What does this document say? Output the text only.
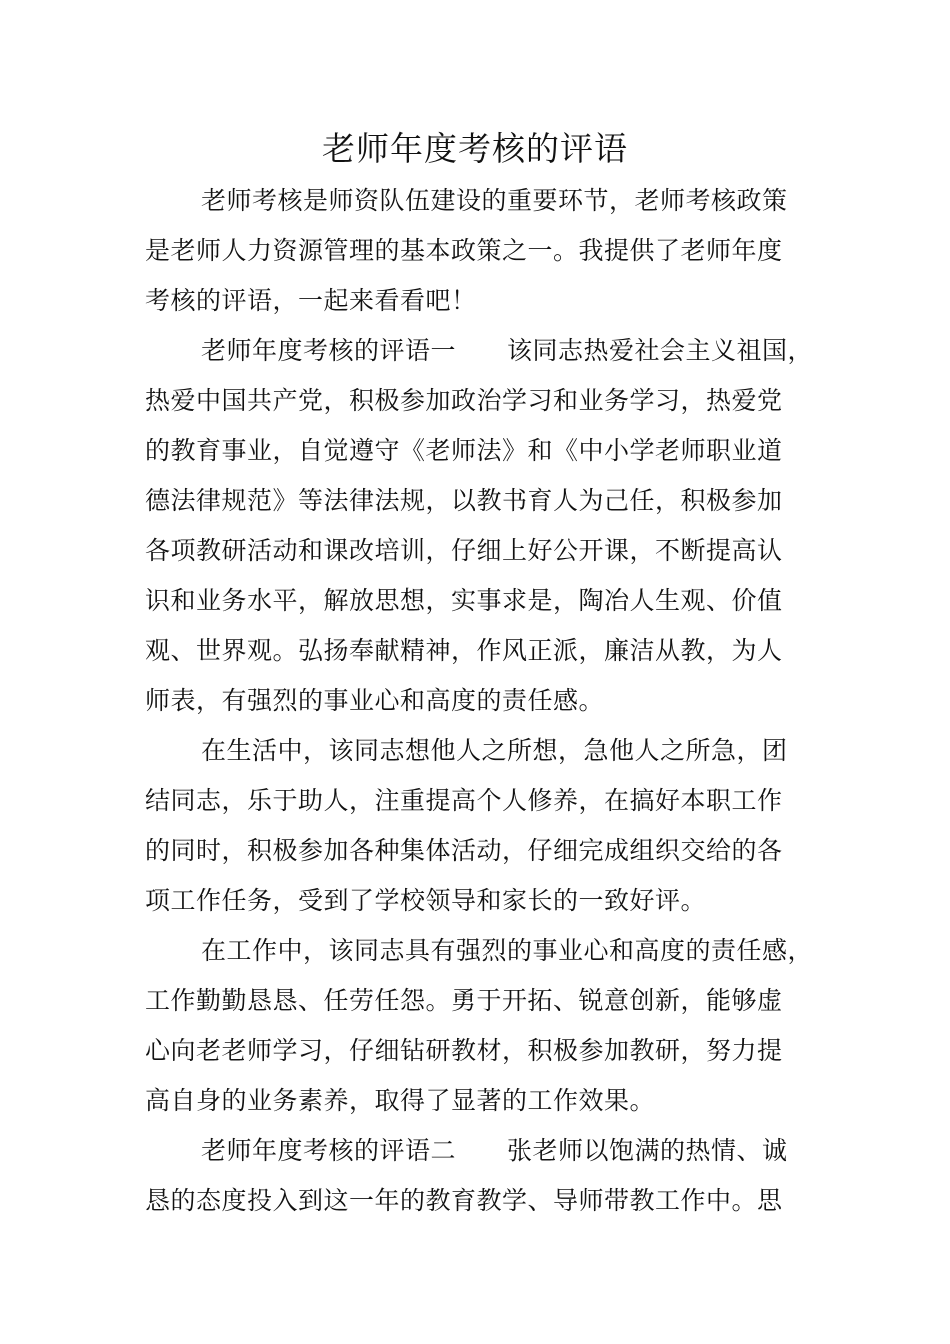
老师年度考核的评语

老师考核是师资队伍建设的重要环节，老师考核政策
是老师人力资源管理的基本政策之一。我提供了老师年度
考核的评语，一起来看看吧！

老师年度考核的评语一　　该同志热爱社会主义祖国，
热爱中国共产党，积极参加政治学习和业务学习，热爱党
的教育事业，自觉遵守《老师法》和《中小学老师职业道
德法律规范》等法律法规，以教书育人为己任，积极参加
各项教研活动和课改培训，仔细上好公开课，不断提高认
识和业务水平，解放思想，实事求是，陶冶人生观、价值
观、世界观。弘扬奉献精神，作风正派，廉洁从教，为人
师表，有强烈的事业心和高度的责任感。

在生活中，该同志想他人之所想，急他人之所急，团
结同志，乐于助人，注重提高个人修养，在搞好本职工作
的同时，积极参加各种集体活动，仔细完成组织交给的各
项工作任务，受到了学校领导和家长的一致好评。

在工作中，该同志具有强烈的事业心和高度的责任感，
工作勤勤恳恳、任劳任怨。勇于开拓、锐意创新，能够虚
心向老老师学习，仔细钻研教材，积极参加教研，努力提
高自身的业务素养，取得了显著的工作效果。

老师年度考核的评语二　　张老师以饱满的热情、诚
恳的态度投入到这一年的教育教学、导师带教工作中。思
